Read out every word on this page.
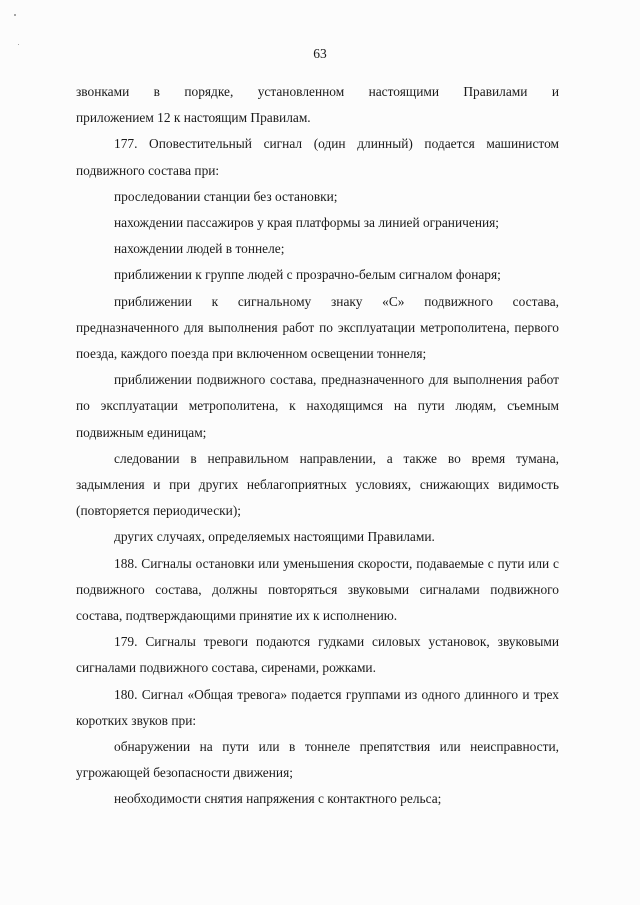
63

звонками в порядке, установленном настоящими Правилами и

приложением 12 к настоящим Правилам.

177. Оповестительный сигнал (один длинный) подается машинистом подвижного состава при:

проследовании станции без остановки;

нахождении пассажиров у края платформы за линией ограничения;

нахождении людей в тоннеле;

приближении к группе людей с прозрачно-белым сигналом фонаря;

приближении к сигнальному знаку «С» подвижного состава, предназначенного для выполнения работ по эксплуатации метрополитена, первого поезда, каждого поезда при включенном освещении тоннеля;

приближении подвижного состава, предназначенного для выполнения работ по эксплуатации метрополитена, к находящимся на пути людям, съемным подвижным единицам;

следовании в неправильном направлении, а также во время тумана, задымления и при других неблагоприятных условиях, снижающих видимость (повторяется периодически);

других случаях, определяемых настоящими Правилами.

188. Сигналы остановки или уменьшения скорости, подаваемые с пути или с подвижного состава, должны повторяться звуковыми сигналами подвижного состава, подтверждающими принятие их к исполнению.

179. Сигналы тревоги подаются гудками силовых установок, звуковыми сигналами подвижного состава, сиренами, рожками.

180. Сигнал «Общая тревога» подается группами из одного длинного и трех коротких звуков при:

обнаружении на пути или в тоннеле препятствия или неисправности, угрожающей безопасности движения;

необходимости снятия напряжения с контактного рельса;
